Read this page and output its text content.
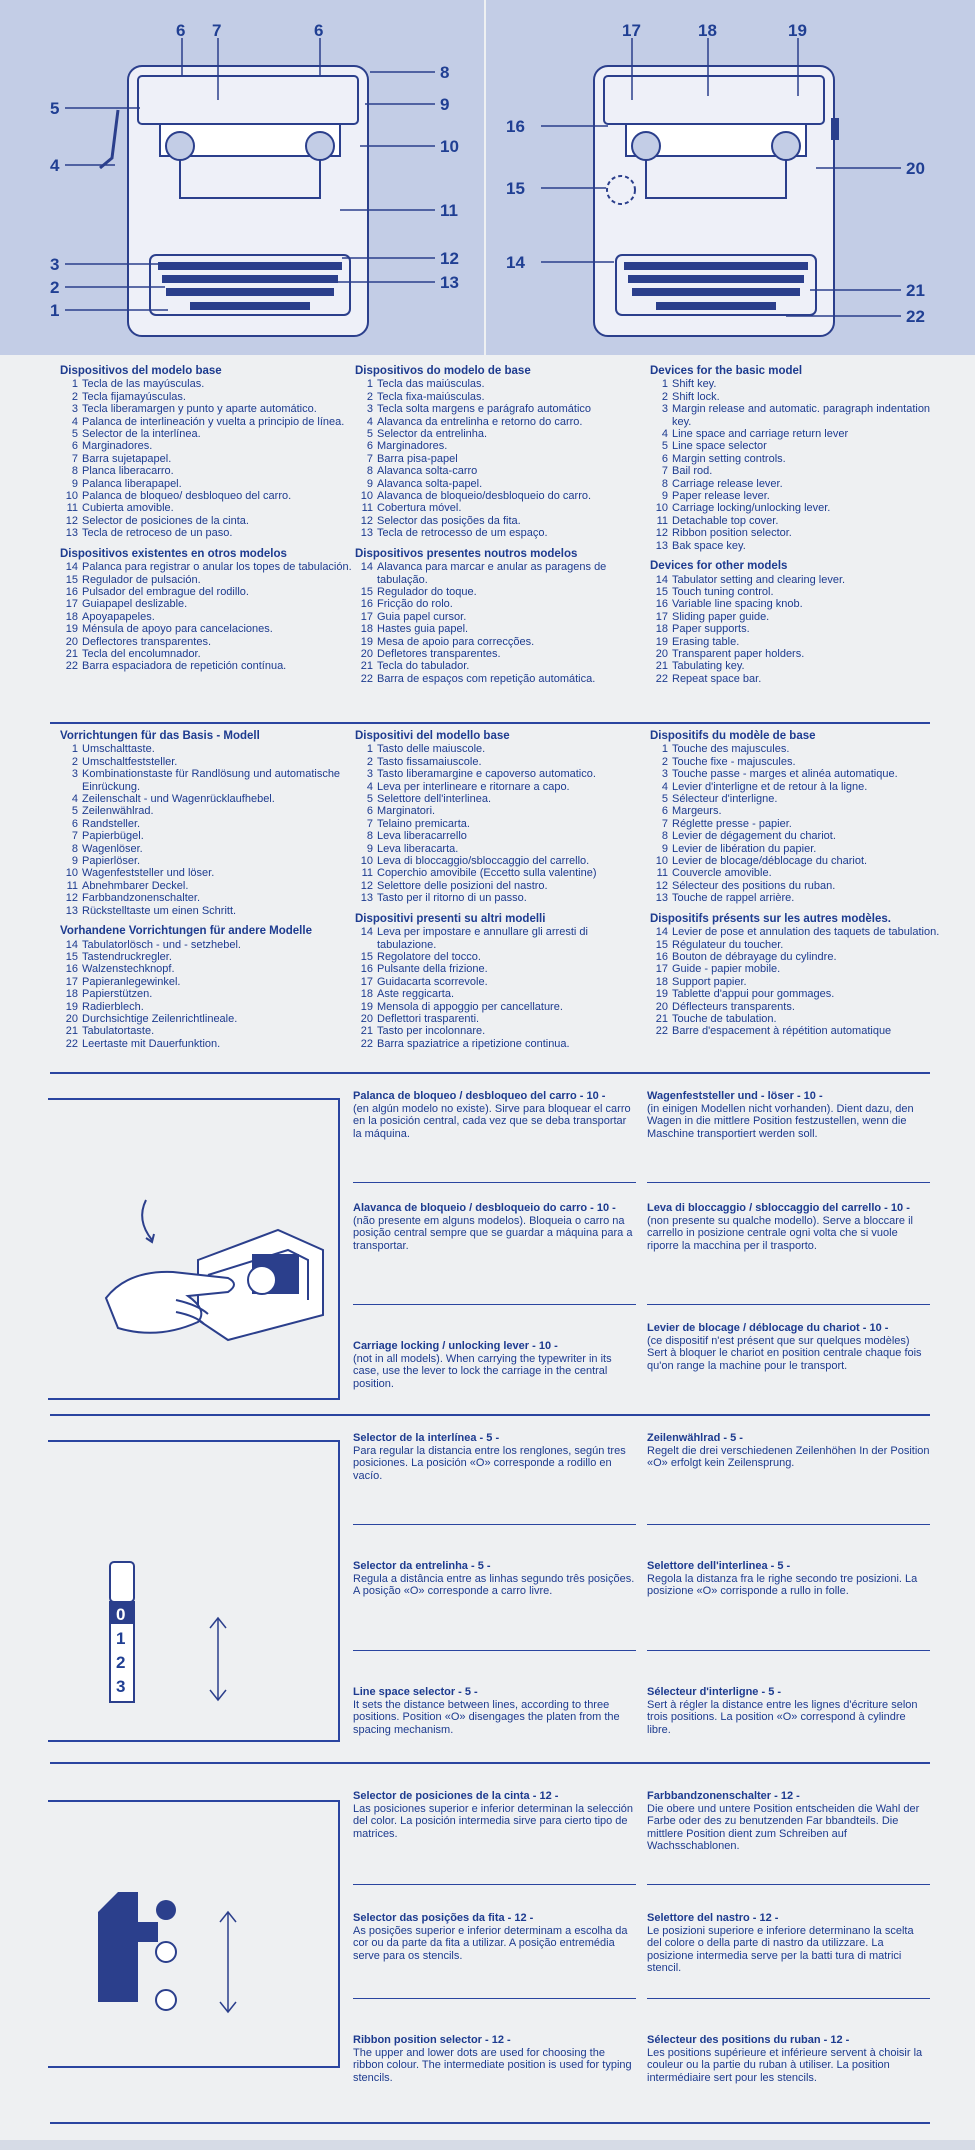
6 7	6
8
9
10
11
5
4
3
2
1
12
13
17	18	19
16
20
15
14
21
22
Dispositivos del modelo base
1 Tecla de las mayúsculas.
2 Tecla fijamayúsculas.
3 Tecla liberamargen y punto y aparte automático.
4 Palanca de interlineación y vuelta a principio de línea.
5 Selector de la interlínea.
6 Marginadores.
7 Barra sujetapapel.
8 Planca liberacarro.
9 Palanca liberapapel.
10 Palanca de bloqueo/ desbloqueo del carro.
11 Cubierta amovible.
12 Selector de posiciones de la cinta.
13 Tecla de retroceso de un paso.
Dispositivos existentes en otros modelos
14 Palanca para registrar o anular los topes de tabulación.
15 Regulador de pulsación.
16 Pulsador del embrague del rodillo.
17 Guiapapel deslizable.
18 Apoyapapeles.
19 Ménsula de apoyo para cancelaciones.
20 Deflectores transparentes.
21 Tecla del encolumnador.
22 Barra espaciadora de repetición contínua.
Dispositivos do modelo de base
1 Tecla das maiúsculas.
2 Tecla fixa-maiúsculas.
3 Tecla solta margens e parágrafo automático
4 Alavanca da entrelinha e retorno do carro.
5 Selector da entrelinha.
6 Marginadores.
7 Barra pisa-papel
8 Alavanca solta-carro
9 Alavanca solta-papel.
10 Alavanca de bloqueio/desbloqueio do carro.
11 Cobertura móvel.
12 Selector das posições da fita.
13 Tecla de retrocesso de um espaço.
Dispositivos presentes noutros modelos
14 Alavanca para marcar e anular as paragens de tabulação.
15 Regulador do toque.
16 Fricção do rolo.
17 Guia papel cursor.
18 Hastes guia papel.
19 Mesa de apoio para correcções.
20 Defletores transparentes.
21 Tecla do tabulador.
22 Barra de espaços com repetição automática.
Devices for the basic model
1 Shift key.
2 Shift lock.
3 Margin release and automatic. paragraph indentation key.
4 Line space and carriage return lever
5 Line space selector
6 Margin setting controls.
7 Bail rod.
8 Carriage release lever.
9 Paper release lever.
10 Carriage locking/unlocking lever.
11 Detachable top cover.
12 Ribbon position selector.
13 Bak space key.
Devices for other models
14 Tabulator setting and clearing lever.
15 Touch tuning control.
16 Variable line spacing knob.
17 Sliding paper guide.
18 Paper supports.
19 Erasing table.
20 Transparent paper holders.
21 Tabulating key.
22 Repeat space bar.
Vorrichtungen für das Basis - Modell
1 Umschalttaste.
2 Umschaltfeststeller.
3 Kombinationstaste für Randlösung und automatische Einrückung.
4 Zeilenschalt - und Wagenrücklaufhebel.
5 Zeilenwählrad.
6 Randsteller.
7 Papierbügel.
8 Wagenlöser.
9 Papierlöser.
10 Wagenfeststeller und löser.
11 Abnehmbarer Deckel.
12 Farbbandzonenschalter.
13 Rückstelltaste um einen Schritt.
Vorhandene Vorrichtungen für andere Modelle
14 Tabulatorlösch - und - setzhebel.
15 Tastendruckregler.
16 Walzenstechknopf.
17 Papieranlegewinkel.
18 Papierstützen.
19 Radierblech.
20 Durchsichtige Zeilenrichtlineale.
21 Tabulatortaste.
22 Leertaste mit Dauerfunktion.
Dispositivi del modello base
1 Tasto delle maiuscole.
2 Tasto fissamaiuscole.
3 Tasto liberamargine e capoverso automatico.
4 Leva per interlineare e ritornare a capo.
5 Selettore dell'interlinea.
6 Marginatori.
7 Telaino premicarta.
8 Leva liberacarrello
9 Leva liberacarta.
10 Leva di bloccaggio/sbloccaggio del carrello.
11 Coperchio amovibile (Eccetto sulla valentine)
12 Selettore delle posizioni del nastro.
13 Tasto per il ritorno di un passo.
Dispositivi presenti su altri modelli
14 Leva per impostare e annullare gli arresti di tabulazione.
15 Regolatore del tocco.
16 Pulsante della frizione.
17 Guidacarta scorrevole.
18 Aste reggicarta.
19 Mensola di appoggio per cancellature.
20 Deflettori trasparenti.
21 Tasto per incolonnare.
22 Barra spaziatrice a ripetizione continua.
Dispositifs du modèle de base
1 Touche des majuscules.
2 Touche fixe - majuscules.
3 Touche passe - marges et alinéa automatique.
4 Levier d'interligne et de retour à la ligne.
5 Sélecteur d'interligne.
6 Margeurs.
7 Réglette presse - papier.
8 Levier de dégagement du chariot.
9 Levier de libération du papier.
10 Levier de blocage/déblocage du chariot.
11 Couvercle amovible.
12 Sélecteur des positions du ruban.
13 Touche de rappel arrière.
Dispositifs présents sur les autres modèles.
14 Levier de pose et annulation des taquets de tabulation.
15 Régulateur du toucher.
16 Bouton de débrayage du cylindre.
17 Guide - papier mobile.
18 Support papier.
19 Tablette d'appui pour gommages.
20 Déflecteurs transparents.
21 Touche de tabulation.
22 Barre d'espacement à répétition automatique
Palanca de bloqueo / desbloqueo del carro - 10 -
(en algún modelo no existe). Sirve para bloquear el carro en la posición central, cada vez que se deba transportar la máquina.
Wagenfeststeller und - löser - 10 -
(in einigen Modellen nicht vorhanden). Dient dazu, den Wagen in die mittlere Position festzustellen, wenn die Maschine transportiert werden soll.
Alavanca de bloqueio / desbloqueio do carro - 10 -
(não presente em alguns modelos). Bloqueia o carro na posição central sempre que se guardar a máquina para a transportar.
Leva di bloccaggio / sbloccaggio del carrello - 10 -
(non presente su qualche modello). Serve a bloccare il carrello in posizione centrale ogni volta che si vuole riporre la macchina per il trasporto.
Carriage locking / unlocking lever - 10 -
(not in all models). When carrying the typewriter in its case, use the lever to lock the carriage in the central position.
Levier de blocage / déblocage du chariot - 10 -
(ce dispositif n'est présent que sur quelques modèles) Sert à bloquer le chariot en position centrale chaque fois qu'on range la machine pour le transport.
0
1
2
3
Selector de la interlínea - 5 -
Para regular la distancia entre los renglones, según tres posiciones. La posición «O» corresponde a rodillo en vacío.
Zeilenwählrad - 5 -
Regelt die drei verschiedenen Zeilenhöhen In der Position «O» erfolgt kein Zeilensprung.
Selector da entrelinha - 5 -
Regula a distância entre as linhas segundo três posições. A posição «O» corresponde a carro livre.
Selettore dell'interlinea - 5 -
Regola la distanza fra le righe secondo tre posizioni. La posizione «O» corrisponde a rullo in folle.
Line space selector - 5 -
It sets the distance between lines, according to three positions. Position «O» disengages the platen from the spacing mechanism.
Sélecteur d'interligne - 5 -
Sert à régler la distance entre les lignes d'écriture selon trois positions. La position «O» correspond à cylindre libre.
Selector de posiciones de la cinta - 12 -
Las posiciones superior e inferior determinan la selección del color. La posición intermedia sirve para cierto tipo de matrices.
Farbbandzonenschalter - 12 -
Die obere und untere Position entscheiden die Wahl der Farbe oder des zu benutzenden Far bbandteils. Die mittlere Position dient zum Schreiben auf Wachsschablonen.
Selector das posições da fita - 12 -
As posições superior e inferior determinam a escolha da cor ou da parte da fita a utilizar. A posição entremédia serve para os stencils.
Selettore del nastro - 12 -
Le posizioni superiore e inferiore determinano la scelta del colore o della parte di nastro da utilizzare. La posizione intermedia serve per la batti tura di matrici stencil.
Ribbon position selector - 12 -
The upper and lower dots are used for choosing the ribbon colour. The intermediate position is used for typing stencils.
Sélecteur des positions du ruban - 12 -
Les positions supérieure et inférieure servent à choisir la couleur ou la partie du ruban à utiliser. La position intermédiaire sert pour les stencils.
